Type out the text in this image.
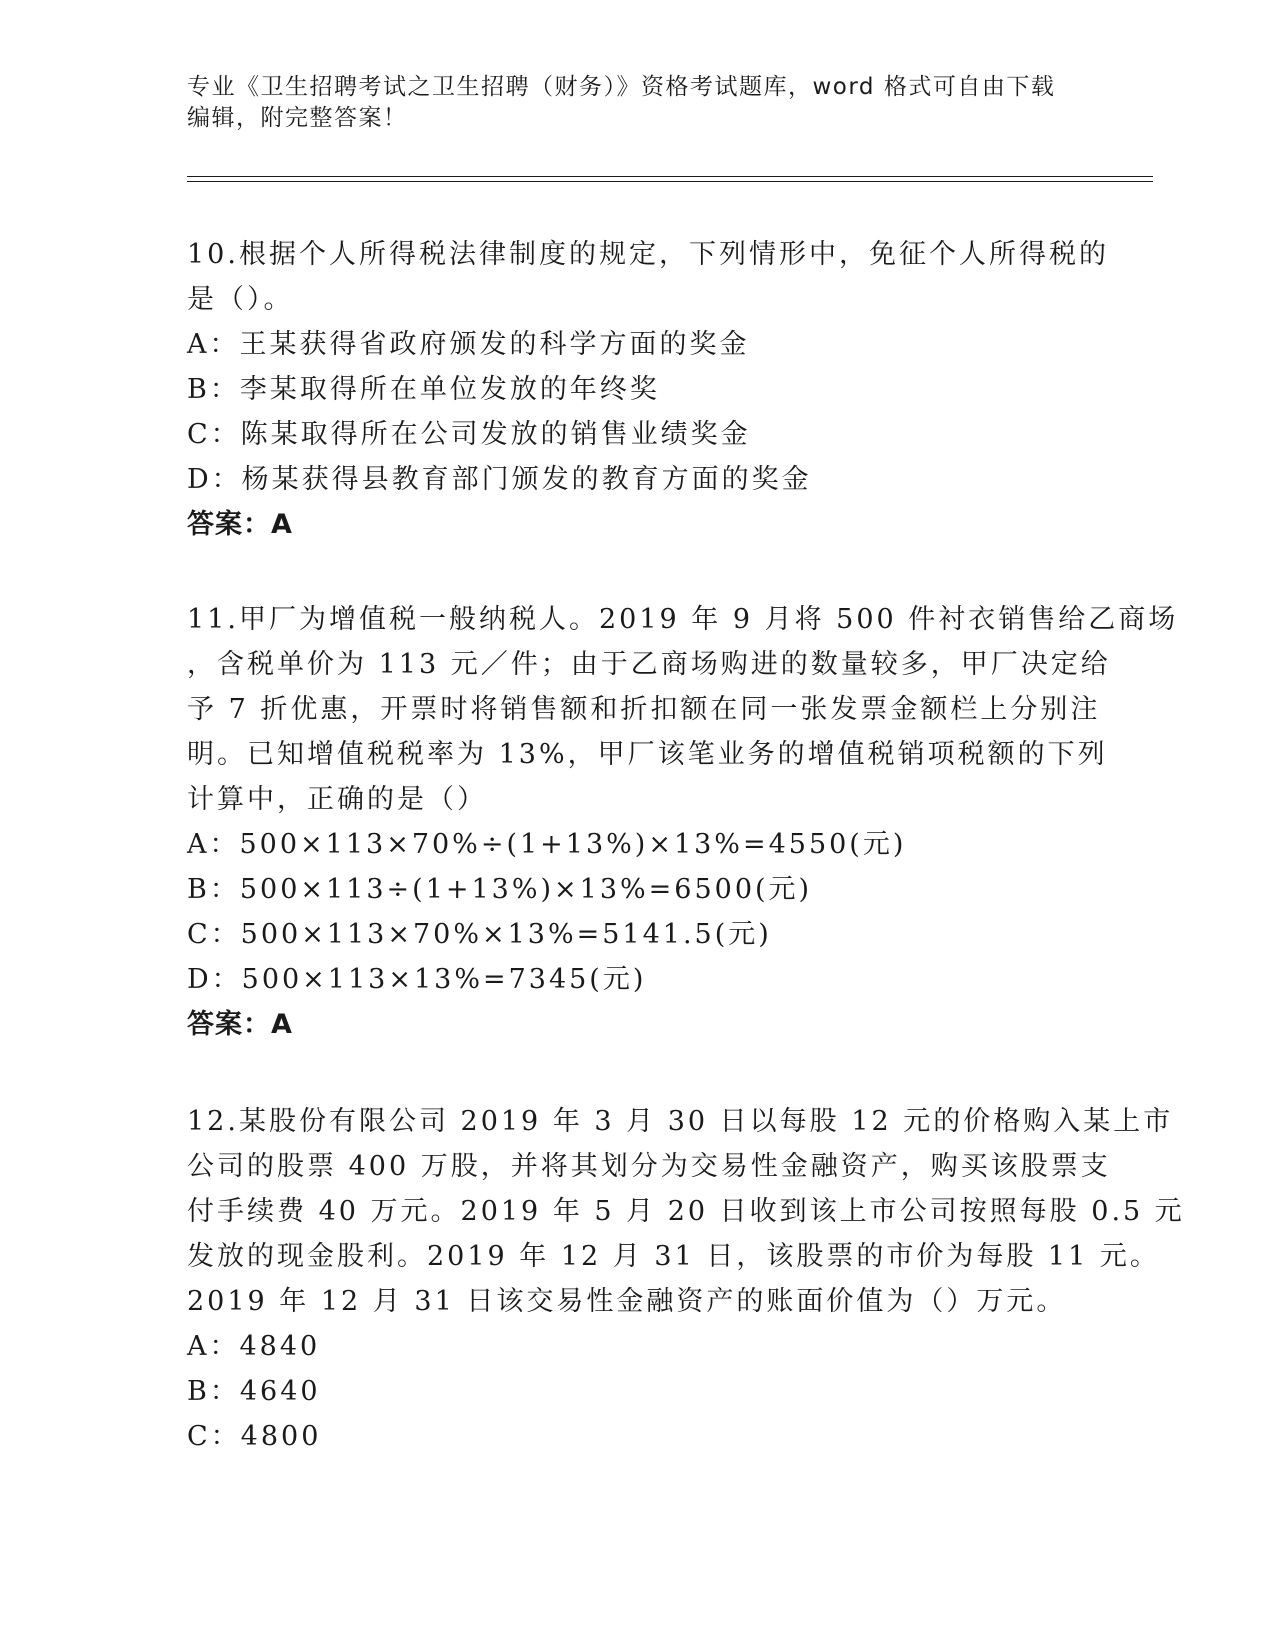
专业《卫生招聘考试之卫生招聘（财务）》资格考试题库，word 格式可自由下载
编辑，附完整答案！
10.根据个人所得税法律制度的规定，下列情形中，免征个人所得税的
是（）。
A：王某获得省政府颁发的科学方面的奖金
B：李某取得所在单位发放的年终奖
C：陈某取得所在公司发放的销售业绩奖金
D：杨某获得县教育部门颁发的教育方面的奖金
答案：A
11.甲厂为增值税一般纳税人。2019 年 9 月将 500 件衬衣销售给乙商场
，含税单价为 113 元／件；由于乙商场购进的数量较多，甲厂决定给
予 7 折优惠，开票时将销售额和折扣额在同一张发票金额栏上分别注
明。已知增值税税率为 13%，甲厂该笔业务的增值税销项税额的下列
计算中，正确的是（）
A：500×113×70%÷(1+13%)×13%=4550(元)
B：500×113÷(1+13%)×13%=6500(元)
C：500×113×70%×13%=5141.5(元)
D：500×113×13%=7345(元)
答案：A
12.某股份有限公司 2019 年 3 月 30 日以每股 12 元的价格购入某上市
公司的股票 400 万股，并将其划分为交易性金融资产，购买该股票支
付手续费 40 万元。2019 年 5 月 20 日收到该上市公司按照每股 0.5 元
发放的现金股利。2019 年 12 月 31 日，该股票的市价为每股 11 元。
2019 年 12 月 31 日该交易性金融资产的账面价值为（）万元。
A：4840
B：4640
C：4800
